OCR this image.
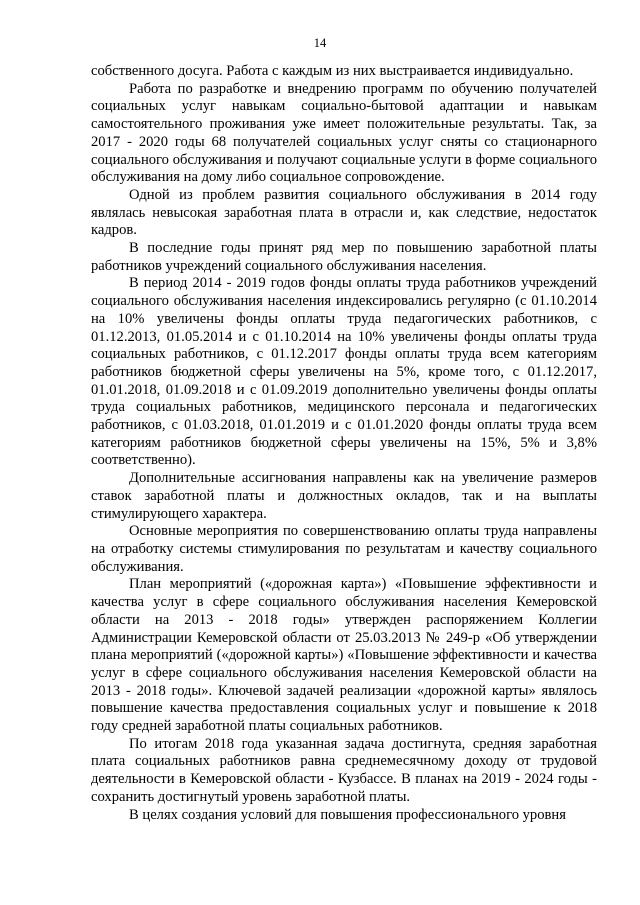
14

собственного досуга. Работа с каждым из них выстраивается индивидуально.

Работа по разработке и внедрению программ по обучению получателей социальных услуг навыкам социально-бытовой адаптации и навыкам самостоятельного проживания уже имеет положительные результаты. Так, за 2017 - 2020 годы 68 получателей социальных услуг сняты со стационарного социального обслуживания и получают социальные услуги в форме социального обслуживания на дому либо социальное сопровождение.

Одной из проблем развития социального обслуживания в 2014 году являлась невысокая заработная плата в отрасли и, как следствие, недостаток кадров.

В последние годы принят ряд мер по повышению заработной платы работников учреждений социального обслуживания населения.

В период 2014 - 2019 годов фонды оплаты труда работников учреждений социального обслуживания населения индексировались регулярно (с 01.10.2014 на 10% увеличены фонды оплаты труда педагогических работников, с 01.12.2013, 01.05.2014 и с 01.10.2014 на 10% увеличены фонды оплаты труда социальных работников, с 01.12.2017 фонды оплаты труда всем категориям работников бюджетной сферы увеличены на 5%, кроме того, с 01.12.2017, 01.01.2018, 01.09.2018 и с 01.09.2019 дополнительно увеличены фонды оплаты труда социальных работников, медицинского персонала и педагогических работников, с 01.03.2018, 01.01.2019 и с 01.01.2020 фонды оплаты труда всем категориям работников бюджетной сферы увеличены на 15%, 5% и 3,8% соответственно).

Дополнительные ассигнования направлены как на увеличение размеров ставок заработной платы и должностных окладов, так и на выплаты стимулирующего характера.

Основные мероприятия по совершенствованию оплаты труда направлены на отработку системы стимулирования по результатам и качеству социального обслуживания.

План мероприятий («дорожная карта») «Повышение эффективности и качества услуг в сфере социального обслуживания населения Кемеровской области на 2013 - 2018 годы» утвержден распоряжением Коллегии Администрации Кемеровской области от 25.03.2013 № 249-р «Об утверждении плана мероприятий («дорожной карты») «Повышение эффективности и качества услуг в сфере социального обслуживания населения Кемеровской области на 2013 - 2018 годы». Ключевой задачей реализации «дорожной карты» являлось повышение качества предоставления социальных услуг и повышение к 2018 году средней заработной платы социальных работников.

По итогам 2018 года указанная задача достигнута, средняя заработная плата социальных работников равна среднемесячному доходу от трудовой деятельности в Кемеровской области - Кузбассе. В планах на 2019 - 2024 годы - сохранить достигнутый уровень заработной платы.

В целях создания условий для повышения профессионального уровня
